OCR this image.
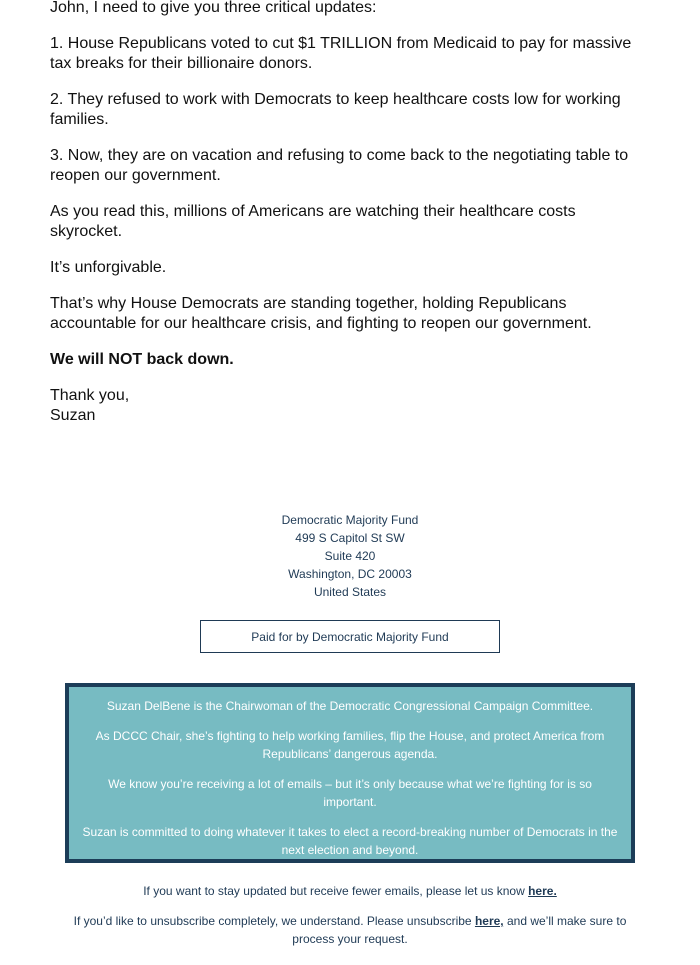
John, I need to give you three critical updates:

1. House Republicans voted to cut $1 TRILLION from Medicaid to pay for massive tax breaks for their billionaire donors.

2. They refused to work with Democrats to keep healthcare costs low for working families.

3. Now, they are on vacation and refusing to come back to the negotiating table to reopen our government.

As you read this, millions of Americans are watching their healthcare costs skyrocket.

It’s unforgivable.

That’s why House Democrats are standing together, holding Republicans accountable for our healthcare crisis, and fighting to reopen our government.

We will NOT back down.

Thank you,
Suzan

Democratic Majority Fund
499 S Capitol St SW
Suite 420
Washington, DC 20003
United States
Paid for by Democratic Majority Fund

Suzan DelBene is the Chairwoman of the Democratic Congressional Campaign Committee.

As DCCC Chair, she’s fighting to help working families, flip the House, and protect America from Republicans’ dangerous agenda.

We know you’re receiving a lot of emails – but it’s only because what we’re fighting for is so important.

Suzan is committed to doing whatever it takes to elect a record-breaking number of Democrats in the next election and beyond.

If you want to stay updated but receive fewer emails, please let us know here.
If you’d like to unsubscribe completely, we understand. Please unsubscribe here, and we’ll make sure to process your request.
